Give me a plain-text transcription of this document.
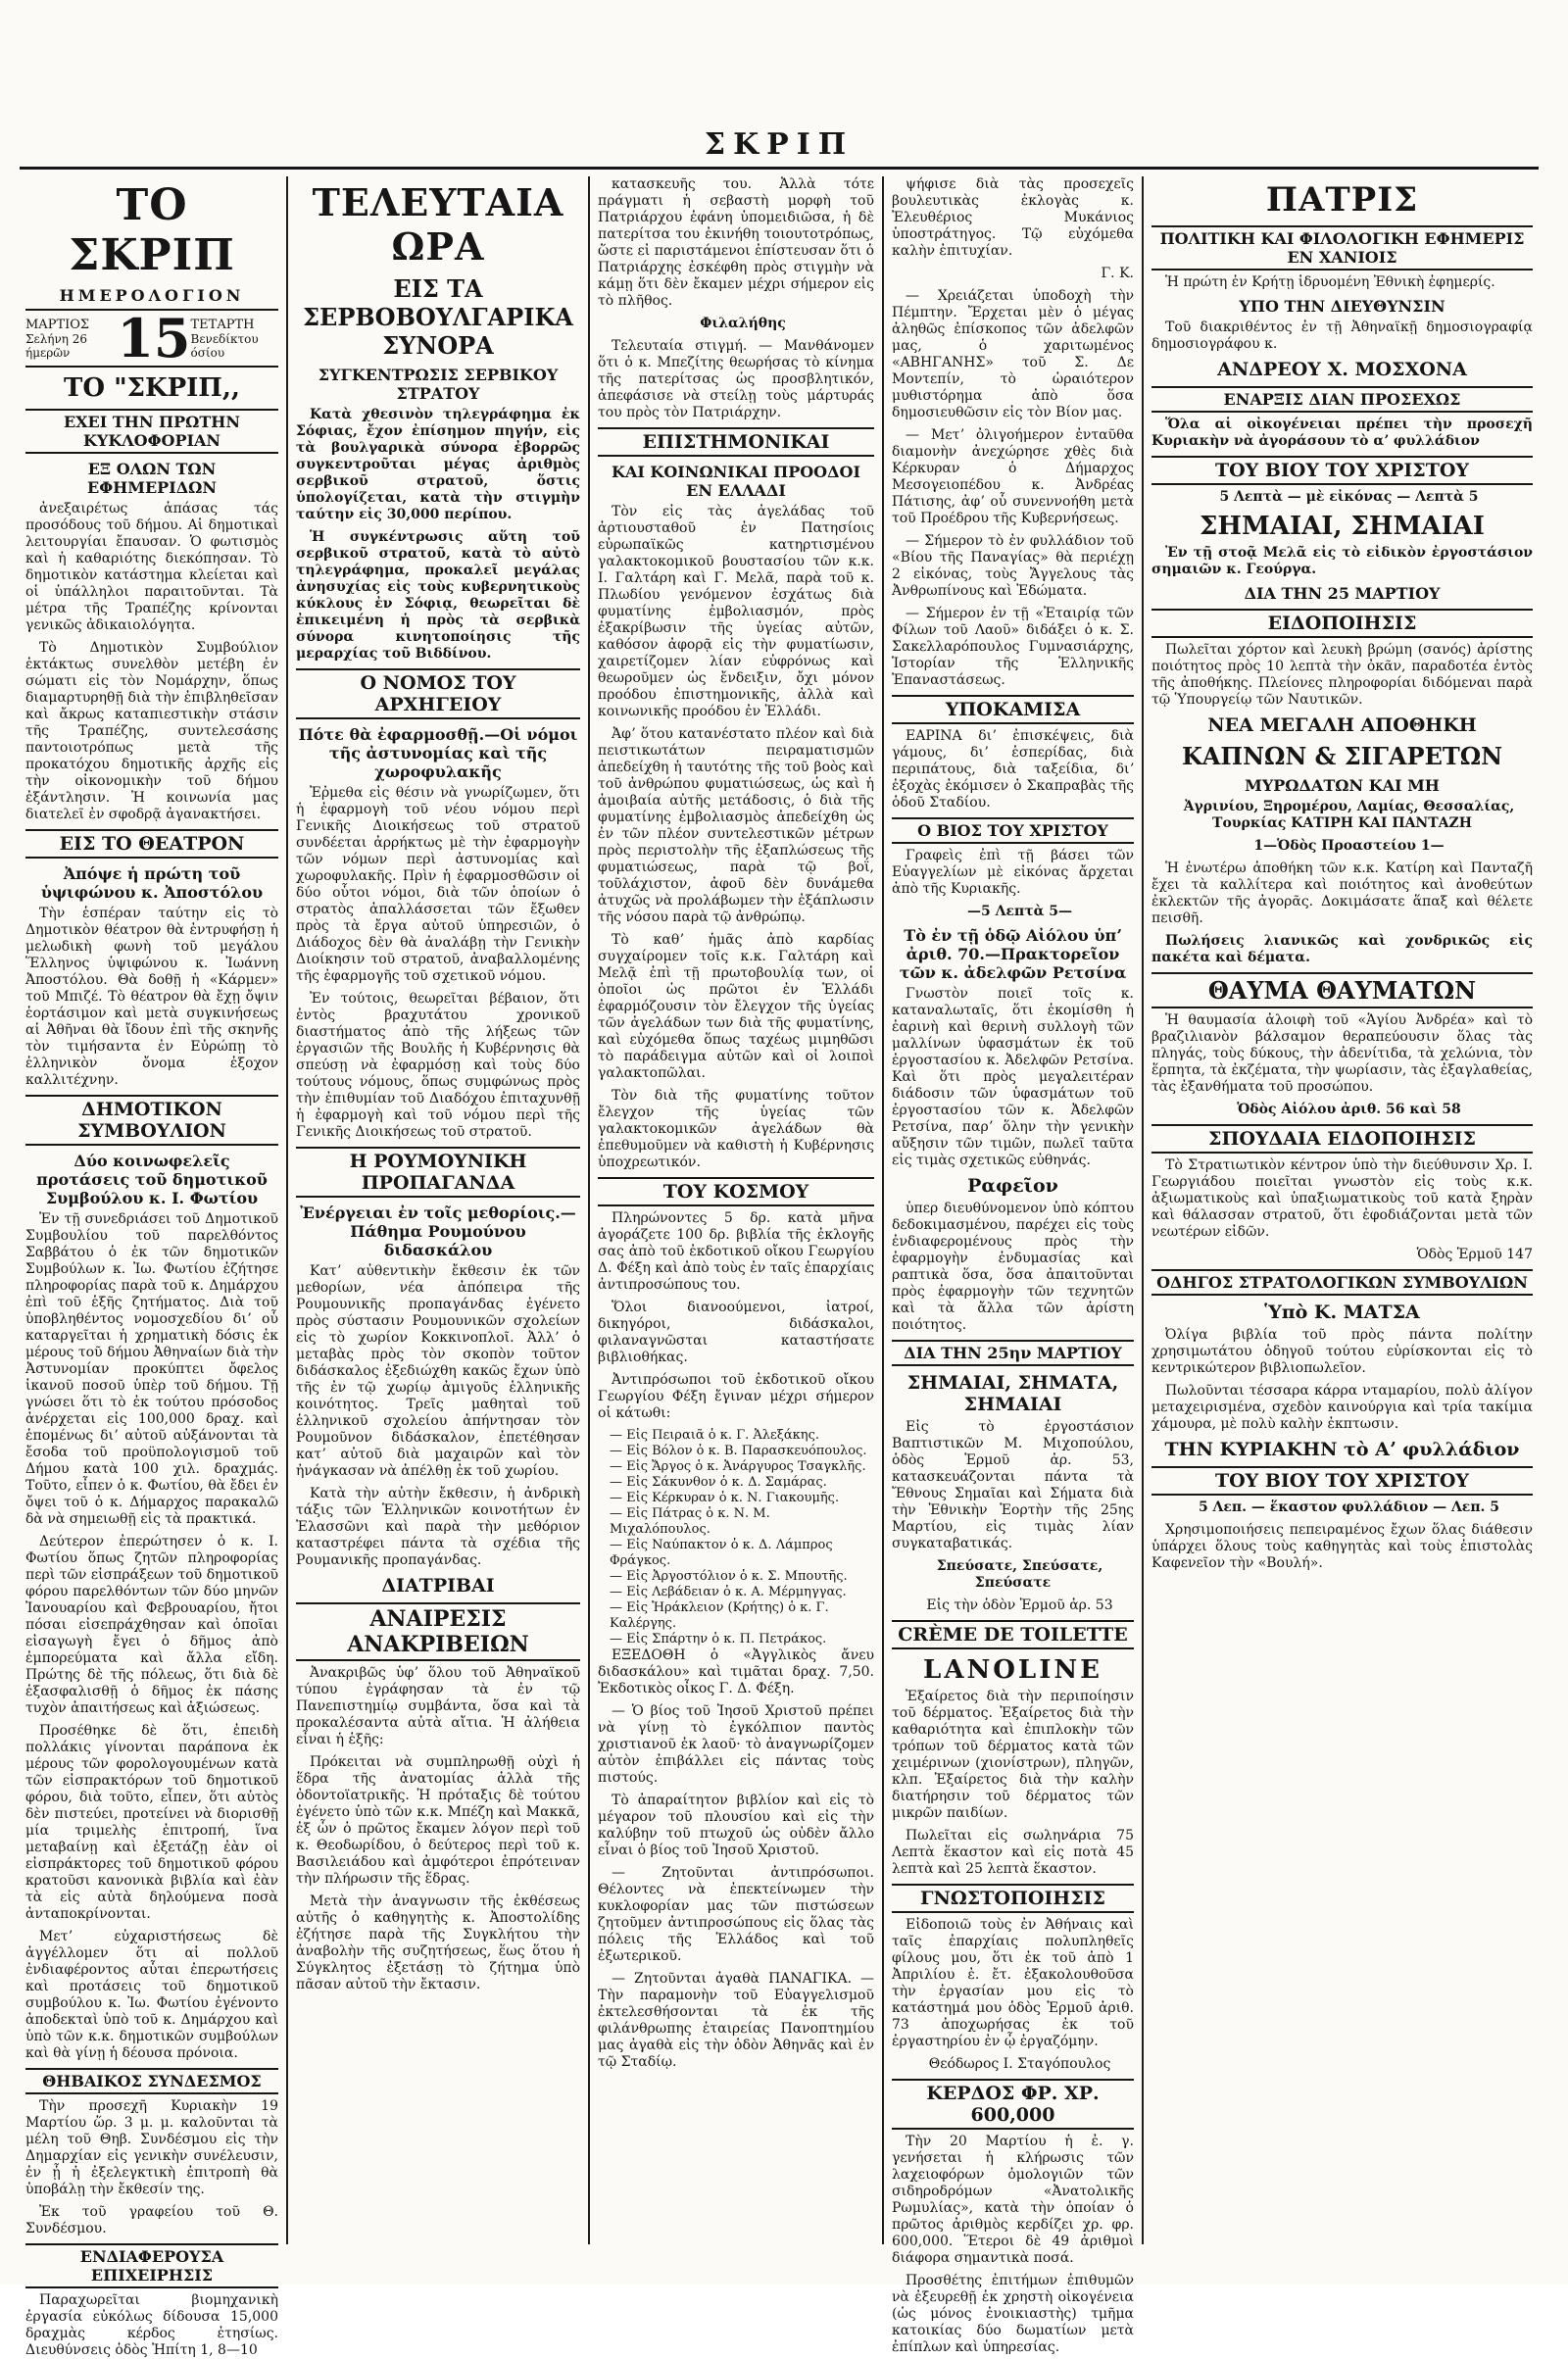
ΣΚΡΙΠ
ΤΟ ΣΚΡΙΠ
ΗΜΕΡΟΛΟΓΙΟΝ
ΜΑΡΤΙΟΣ
Σελήνη 26 ήμερῶν 15 ΤΕΤΑΡΤΗ
Βενεδίκτου όσίου
ΤΟ "ΣΚΡΙΠ,,
ΕΧΕΙ ΤΗΝ ΠΡΩΤΗΝ ΚΥΚΛΟΦΟΡΙΑΝ
ΕΞ ΟΛΩΝ ΤΩΝ ΕΦΗΜΕΡΙΔΩΝ

ἀνεξαιρέτως ἁπάσας τάς προσόδους τοῦ δήμου. Αἱ δημοτικαὶ λειτουργίαι ἔπαυσαν. Ὁ φωτισμὸς καὶ ἡ καθαριότης διεκόπησαν. Τὸ δημοτικὸν κατάστημα κλείεται καὶ οἱ ὑπάλληλοι παραιτοῦνται. Τὰ μέτρα τῆς Τραπέζης κρίνονται γενικῶς ἀδικαιολόγητα.

Τὸ Δημοτικὸν Συμβούλιον ἐκτάκτως συνελθὸν μετέβη ἐν σώματι εἰς τὸν Νομάρχην, ὅπως διαμαρτυρηθῇ διὰ τὴν ἐπιβληθεῖσαν καὶ ἄκρως καταπιεστικὴν στάσιν τῆς Τραπέζης, συντελεσάσης παντοιοτρόπως μετὰ τῆς προκατόχου δημοτικῆς ἀρχῆς εἰς τὴν οἰκονομικὴν τοῦ δήμου ἐξάντλησιν. Ἡ κοινωνία μας διατελεῖ ἐν σφοδρᾷ ἀγανακτήσει.

ΕΙΣ ΤΟ ΘΕΑΤΡΟΝ
Ἀπόψε ἡ πρώτη τοῦ ὑψιφώνου κ. Ἀποστόλου

Τὴν ἑσπέραν ταύτην εἰς τὸ Δημοτικὸν θέατρον θὰ ἐντρυφήσῃ ἡ μελωδικὴ φωνὴ τοῦ μεγάλου Ἕλληνος ὑψιφώνου κ. Ἰωάννη Ἀποστόλου. Θὰ δοθῇ ἡ «Κάρμεν» τοῦ Μπιζέ. Τὸ θέατρον θὰ ἔχῃ ὄψιν ἑορτάσιμον καὶ μετὰ συγκινήσεως αἱ Ἀθῆναι θὰ ἴδουν ἐπὶ τῆς σκηνῆς τὸν τιμήσαντα ἐν Εὐρώπῃ τὸ ἑλληνικὸν ὄνομα ἐξοχον καλλιτέχνην.

ΔΗΜΟΤΙΚΟΝ ΣΥΜΒΟΥΛΙΟΝ
Δύο κοινωφελεῖς προτάσεις τοῦ δημοτικοῦ Συμβούλου κ. Ι. Φωτίου

Ἐν τῇ συνεδριάσει τοῦ Δημοτικοῦ Συμβουλίου τοῦ παρελθόντος Σαββάτου ὁ ἐκ τῶν δημοτικῶν Συμβούλων κ. Ἰω. Φωτίου ἐζήτησε πληροφορίας παρὰ τοῦ κ. Δημάρχου ἐπὶ τοῦ ἑξῆς ζητήματος. Διὰ τοῦ ὑποβληθέντος νομοσχεδίου διʼ οὗ καταργεῖται ἡ χρηματικὴ δόσις ἐκ μέρους τοῦ δήμου Ἀθηναίων διὰ τὴν Ἀστυνομίαν προκύπτει ὄφελος ἱκανοῦ ποσοῦ ὑπὲρ τοῦ δήμου. Τῇ γνώσει ὅτι τὸ ἐκ τούτου πρόσοδος ἀνέρχεται εἰς 100,000 δραχ. καὶ ἑπομένως διʼ αὐτοῦ αὐξάνονται τὰ ἔσοδα τοῦ προϋπολογισμοῦ τοῦ Δήμου κατὰ 100 χιλ. δραχμάς. Τοῦτο, εἶπεν ὁ κ. Φωτίου, θὰ ἔδει ἐν ὄψει τοῦ ὁ κ. Δήμαρχος παρακαλῶ δὰ νὰ σημειωθῇ εἰς τὰ πρακτικά.

Δεύτερον ἐπερώτησεν ὁ κ. Ι. Φωτίου ὅπως ζητῶν πληροφορίας περὶ τῶν εἰσπράξεων τοῦ δημοτικοῦ φόρου παρελθόντων τῶν δύο μηνῶν Ἰανουαρίου καὶ Φεβρουαρίου, ἤτοι πόσαι εἰσεπράχθησαν καὶ ὁποῖαι εἰσαγωγὴ ἔγει ὁ δῆμος ἀπὸ ἐμπορεύματα καὶ ἄλλα εἴδη. Πρώτης δὲ τῆς πόλεως, ὅτι διὰ δὲ ἐξασφαλισθῇ ὁ δῆμος ἐκ πάσης τυχὸν ἀπαιτήσεως καὶ ἀξιώσεως.

Προσέθηκε δὲ ὅτι, ἐπειδὴ πολλάκις γίνονται παράπονα ἐκ μέρους τῶν φορολογουμένων κατὰ τῶν εἰσπρακτόρων τοῦ δημοτικοῦ φόρου, διὰ τοῦτο, εἶπεν, ὅτι αὐτὸς δὲν πιστεύει, προτείνει νὰ διορισθῇ μία τριμελὴς ἐπιτροπή, ἵνα μεταβαίνῃ καὶ ἐξετάζῃ ἐὰν οἱ εἰσπράκτορες τοῦ δημοτικοῦ φόρου κρατοῦσι κανονικὰ βιβλία καὶ ἐὰν τὰ εἰς αὐτὰ δηλούμενα ποσὰ ἀνταποκρίνονται.

Μετʼ εὐχαριστήσεως δὲ ἀγγέλλομεν ὅτι αἱ πολλοῦ ἐνδιαφέροντος αὗται ἐπερωτήσεις καὶ προτάσεις τοῦ δημοτικοῦ συμβούλου κ. Ἰω. Φωτίου ἐγένοντο ἀποδεκταὶ ὑπὸ τοῦ κ. Δημάρχου καὶ ὑπὸ τῶν κ.κ. δημοτικῶν συμβούλων καὶ θὰ γίνῃ ἡ δέουσα πρόνοια.

ΘΗΒΑΙΚΟΣ ΣΥΝΔΕΣΜΟΣ

Τὴν προσεχῆ Κυριακὴν 19 Μαρτίου ὥρ. 3 μ. μ. καλοῦνται τὰ μέλη τοῦ Θηβ. Συνδέσμου εἰς τὴν Δημαρχίαν εἰς γενικὴν συνέλευσιν, ἐν ᾗ ἡ ἐξελεγκτικὴ ἐπιτροπὴ θὰ ὑποβάλῃ τὴν ἔκθεσίν της.

Ἐκ τοῦ γραφείου τοῦ Θ. Συνδέσμου.

ΕΝΔΙΑΦΕΡΟΥΣΑ ΕΠΙΧΕΙΡΗΣΙΣ

Παραχωρεῖται βιομηχανικὴ ἐργασία εὐκόλως δίδουσα 15,000 δραχμὰς κέρδος ἐτησίως. Διευθύνσεις ὁδὸς Ἠπίτη 1, 8—10

ΤΕΛΕΥΤΑΙΑ ΩΡΑ
ΕΙΣ ΤΑ ΣΕΡΒΟΒΟΥΛΓΑΡΙΚΑ ΣΥΝΟΡΑ
ΣΥΓΚΕΝΤΡΩΣΙΣ ΣΕΡΒΙΚΟΥ ΣΤΡΑΤΟΥ

Κατὰ χθεσινὸν τηλεγράφημα ἐκ Σόφιας, ἔχον ἐπίσημον πηγήν, εἰς τὰ βουλγαρικὰ σύνορα ἐβορρῶς συγκεντροῦται μέγας ἀριθμὸς σερβικοῦ στρατοῦ, ὅστις ὑπολογίζεται, κατὰ τὴν στιγμὴν ταύτην εἰς 30,000 περίπου.

Ἡ συγκέντρωσις αὕτη τοῦ σερβικοῦ στρατοῦ, κατὰ τὸ αὐτὸ τηλεγράφημα, προκαλεῖ μεγάλας ἀνησυχίας εἰς τοὺς κυβερνητικοὺς κύκλους ἐν Σόφιᾳ, θεωρεῖται δὲ ἐπικειμένη ἡ πρὸς τὰ σερβικὰ σύνορα κινητοποίησις τῆς μεραρχίας τοῦ Βιδδίνου.

Ο ΝΟΜΟΣ ΤΟΥ ΑΡΧΗΓΕΙΟΥ
Πότε θὰ ἐφαρμοσθῇ.—Οἱ νόμοι τῆς ἀστυνομίας καὶ τῆς χωροφυλακῆς

Ἐῤμεθα εἰς θέσιν νὰ γνωρίζωμεν, ὅτι ἡ ἐφαρμογὴ τοῦ νέου νόμου περὶ Γενικῆς Διοικήσεως τοῦ στρατοῦ συνδέεται ἀρρήκτως μὲ τὴν ἐφαρμογὴν τῶν νόμων περὶ ἀστυνομίας καὶ χωροφυλακῆς. Πρὶν ἡ ἐφαρμοσθῶσιν οἱ δύο οὗτοι νόμοι, διὰ τῶν ὁποίων ὁ στρατὸς ἀπαλλάσσεται τῶν ἔξωθεν πρὸς τὰ ἔργα αὐτοῦ ὑπηρεσιῶν, ὁ Διάδοχος δὲν θὰ ἀναλάβῃ τὴν Γενικὴν Διοίκησιν τοῦ στρατοῦ, ἀναβαλλομένης τῆς ἐφαρμογῆς τοῦ σχετικοῦ νόμου.

Ἐν τούτοις, θεωρεῖται βέβαιον, ὅτι ἐντὸς βραχυτάτου χρονικοῦ διαστήματος ἀπὸ τῆς λήξεως τῶν ἐργασιῶν τῆς Βουλῆς ἡ Κυβέρνησις θὰ σπεύσῃ νὰ ἐφαρμόσῃ καὶ τοὺς δύο τούτους νόμους, ὅπως συμφώνως πρὸς τὴν ἐπιθυμίαν τοῦ Διαδόχου ἐπιταχυνθῇ ἡ ἐφαρμογὴ καὶ τοῦ νόμου περὶ τῆς Γενικῆς Διοικήσεως τοῦ στρατοῦ.

Η ΡΟΥΜΟΥΝΙΚΗ ΠΡΟΠΑΓΑΝΔΑ
Ἐνέργειαι ἐν τοῖς μεθορίοις.—Πάθημα Ρουμούνου διδασκάλου

Κατʼ αὐθεντικὴν ἔκθεσιν ἐκ τῶν μεθορίων, νέα ἀπόπειρα τῆς Ρουμουνικῆς προπαγάνδας ἐγένετο πρὸς σύστασιν Ρουμουνικῶν σχολείων εἰς τὸ χωρίον Κοκκινοπλοῖ. Ἀλλʼ ὁ μεταβὰς πρὸς τὸν σκοπὸν τοῦτον διδάσκαλος ἐξεδιώχθη κακῶς ἔχων ὑπὸ τῆς ἐν τῷ χωρίῳ ἀμιγοῦς ἑλληνικῆς κοινότητος. Τρεῖς μαθηταὶ τοῦ ἑλληνικοῦ σχολείου ἀπήντησαν τὸν Ρουμοῦνον διδάσκαλον, ἐπετέθησαν κατʼ αὐτοῦ διὰ μαχαιρῶν καὶ τὸν ἠνάγκασαν νὰ ἀπέλθῃ ἐκ τοῦ χωρίου.

Κατὰ τὴν αὐτὴν ἔκθεσιν, ἡ ἀνδρικὴ τάξις τῶν Ἑλληνικῶν κοινοτήτων ἐν Ἐλασσῶνι καὶ παρὰ τὴν μεθόριον καταστρέφει πάντα τὰ σχέδια τῆς Ρουμανικῆς προπαγάνδας.

ΔΙΑΤΡΙΒΑΙ
ΑΝΑΙΡΕΣΙΣ ΑΝΑΚΡΙΒΕΙΩΝ

Ἀνακριβῶς ὑφʼ ὅλου τοῦ Ἀθηναϊκοῦ τύπου ἐγράφησαν τὰ ἐν τῷ Πανεπιστημίῳ συμβάντα, ὅσα καὶ τὰ προκαλέσαντα αὐτὰ αἴτια. Ἡ ἀλήθεια εἶναι ἡ ἑξῆς:

Πρόκειται νὰ συμπληρωθῇ οὐχὶ ἡ ἕδρα τῆς ἀνατομίας ἀλλὰ τῆς ὀδοντοϊατρικῆς. Ἡ πρόταξις δὲ τούτου ἐγένετο ὑπὸ τῶν κ.κ. Μπέζη καὶ Μακκᾶ, ἐξ ὧν ὁ πρῶτος ἔκαμεν λόγον περὶ τοῦ κ. Θεοδωρίδου, ὁ δεύτερος περὶ τοῦ κ. Βασιλειάδου καὶ ἀμφότεροι ἐπρότειναν τὴν πλήρωσιν τῆς ἕδρας.

Μετὰ τὴν ἀναγνωσιν τῆς ἐκθέσεως αὐτῆς ὁ καθηγητὴς κ. Ἀποστολίδης ἐζήτησε παρὰ τῆς Συγκλήτου τὴν ἀναβολὴν τῆς συζητήσεως, ἕως ὅτου ἡ Σύγκλητος ἐξετάσῃ τὸ ζήτημα ὑπὸ πᾶσαν αὐτοῦ τὴν ἔκτασιν.

κατασκευῆς του. Ἀλλὰ τότε πράγματι ἡ σεβαστὴ μορφὴ τοῦ Πατριάρχου ἐφάνη ὑπομειδιῶσα, ἡ δὲ πατερίτσα του ἐκινήθη τοιουτοτρόπως, ὥστε εἰ παριστάμενοι ἐπίστευσαν ὅτι ὁ Πατριάρχης ἐσκέφθη πρὸς στιγμὴν νὰ κάμῃ ὅτι δὲν ἔκαμεν μέχρι σήμερον εἰς τὸ πλῆθος.

Φιλαλήθης

Τελευταία στιγμή. — Μανθάνομεν ὅτι ὁ κ. Μπεζίτης θεωρήσας τὸ κίνημα τῆς πατερίτσας ὡς προσβλητικόν, ἀπεφάσισε νὰ στείλῃ τοὺς μάρτυράς του πρὸς τὸν Πατριάρχην.

ΕΠΙΣΤΗΜΟΝΙΚΑΙ
ΚΑΙ ΚΟΙΝΩΝΙΚΑΙ ΠΡΟΟΔΟΙ ΕΝ ΕΛΛΑΔΙ

Τὸν εἰς τὰς ἀγελάδας τοῦ ἀρτιουσταθοῦ ἐν Πατησίοις εὐρωπαϊκῶς κατηρτισμένου γαλακτοκομικοῦ βουστασίου τῶν κ.κ. Ι. Γαλτάρη καὶ Γ. Μελᾶ, παρὰ τοῦ κ. Πλωδίου γενόμενον ἐσχάτως διὰ φυματίνης ἐμβολιασμόν, πρὸς ἐξακρίβωσιν τῆς ὑγείας αὐτῶν, καθόσον ἀφορᾷ εἰς τὴν φυματίωσιν, χαιρετίζομεν λίαν εὐφρόνως καὶ θεωροῦμεν ὡς ἔνδειξιν, ὄχι μόνον προόδου ἐπιστημονικῆς, ἀλλὰ καὶ κοινωνικῆς προόδου ἐν Ἑλλάδι.

Ἀφʼ ὅτου κατανέστατο πλέον καὶ διὰ πειστικωτάτων πειραματισμῶν ἀπεδείχθη ἡ ταυτότης τῆς τοῦ βοὸς καὶ τοῦ ἀνθρώπου φυματιώσεως, ὡς καὶ ἡ ἀμοιβαία αὐτῆς μετάδοσις, ὁ διὰ τῆς φυματίνης ἐμβολιασμὸς ἀπεδείχθη ὡς ἐν τῶν πλέον συντελεστικῶν μέτρων πρὸς περιστολὴν τῆς ἐξαπλώσεως τῆς φυματιώσεως, παρὰ τῷ βοΐ, τοῦλάχιστον, ἀφοῦ δὲν δυνάμεθα ἀτυχῶς νὰ προλάβωμεν τὴν ἐξάπλωσιν τῆς νόσου παρὰ τῷ ἀνθρώπῳ.

Τὸ καθʼ ἡμᾶς ἀπὸ καρδίας συγχαίρομεν τοῖς κ.κ. Γαλτάρη καὶ Μελᾷ ἐπὶ τῇ πρωτοβουλίᾳ των, οἱ ὁποῖοι ὡς πρῶτοι ἐν Ἑλλάδι ἐφαρμόζουσιν τὸν ἔλεγχον τῆς ὑγείας τῶν ἀγελάδων των διὰ τῆς φυματίνης, καὶ εὐχόμεθα ὅπως ταχέως μιμηθῶσι τὸ παράδειγμα αὐτῶν καὶ οἱ λοιποὶ γαλακτοπῶλαι.

Τὸν διὰ τῆς φυματίνης τοῦτον ἔλεγχον τῆς ὑγείας τῶν γαλακτοκομικῶν ἀγελάδων θὰ ἐπεθυμοῦμεν νὰ καθιστὴ ἡ Κυβέρνησις ὑποχρεωτικόν.

ΤΟΥ ΚΟΣΜΟΥ

Πληρώνοντες 5 δρ. κατὰ μῆνα ἀγοράζετε 100 δρ. βιβλία τῆς ἐκλογῆς σας ἀπὸ τοῦ ἐκδοτικοῦ οἴκου Γεωργίου Δ. Φέξη καὶ ἀπὸ τοὺς ἐν ταῖς ἐπαρχίαις ἀντιπροσώπους του.

Ὅλοι διανοούμενοι, ἰατροί, δικηγόροι, διδάσκαλοι, φιλαναγνῶσται καταστήσατε βιβλιοθήκας.

Ἀντιπρόσωποι τοῦ ἐκδοτικοῦ οἴκου Γεωργίου Φέξη ἔγιναν μέχρι σήμερον οἱ κάτωθι:

— Εἰς Πειραιᾶ ὁ κ. Γ. Ἀλεξάκης.
— Εἰς Βόλον ὁ κ. Β. Παρασκευόπουλος.
— Εἰς Ἄργος ὁ κ. Ἀνάργυρος Τσαγκλῆς.
— Εἰς Σάκυνθον ὁ κ. Δ. Σαμάρας.
— Εἰς Κέρκυραν ὁ κ. Ν. Γιακουμῆς.
— Εἰς Πάτρας ὁ κ. Ν. Μ. Μιχαλόπουλος.
— Εἰς Ναύπακτον ὁ κ. Δ. Λάμπρος Φράγκος.
— Εἰς Ἀργοστόλιον ὁ κ. Σ. Μπουτῆς.
— Εἰς Λεβάδειαν ὁ κ. Α. Μέρμηγγας.
— Εἰς Ἡράκλειον (Κρήτης) ὁ κ. Γ. Καλέργης.
— Εἰς Σπάρτην ὁ κ. Π. Πετράκος.

ΕΞΕΔΟΘΗ ὁ «Ἀγγλικὸς ἄνευ διδασκάλου» καὶ τιμᾶται δραχ. 7,50. Ἐκδοτικὸς οἶκος Γ. Δ. Φέξη.

— Ὁ βίος τοῦ Ἰησοῦ Χριστοῦ πρέπει νὰ γίνῃ τὸ ἐγκόλπιον παντὸς χριστιανοῦ ἐκ λαοῦ· τὸ ἀναγνωρίζομεν αὐτὸν ἐπιβάλλει εἰς πάντας τοὺς πιστούς.

Τὸ ἀπαραίτητον βιβλίον καὶ εἰς τὸ μέγαρον τοῦ πλουσίου καὶ εἰς τὴν καλύβην τοῦ πτωχοῦ ὡς οὐδὲν ἄλλο εἶναι ὁ βίος τοῦ Ἰησοῦ Χριστοῦ.

— Ζητοῦνται ἀντιπρόσωποι. Θέλοντες νὰ ἐπεκτείνωμεν τὴν κυκλοφορίαν μας τῶν πιστώσεων ζητοῦμεν ἀντιπροσώπους εἰς ὅλας τὰς πόλεις τῆς Ἑλλάδος καὶ τοῦ ἐξωτερικοῦ.

— Ζητοῦνται ἀγαθὰ ΠΑΝΑΓΙΚΑ. — Τὴν παραμονὴν τοῦ Εὐαγγελισμοῦ ἐκτελεσθήσονται τὰ ἐκ τῆς φιλάνθρωπης ἑταιρείας Πανοπτημίου μας ἀγαθὰ εἰς τὴν ὁδὸν Ἀθηνᾶς καὶ ἐν τῷ Σταδίῳ.

ψήφισε διὰ τὰς προσεχεῖς βουλευτικὰς ἐκλογὰς κ. Ἐλευθέριος Μυκάνιος ὑποστράτηγος. Τῷ εὐχόμεθα καλὴν ἐπιτυχίαν.

Γ. Κ.

— Χρειάζεται ὑποδοχὴ τὴν Πέμπτην. Ἔρχεται μὲν ὁ μέγας ἀληθῶς ἐπίσκοπος τῶν ἀδελφῶν μας, ὁ χαριτωμένος «ΑΒΗΓΑΝΗΣ» τοῦ Σ. Δε Μοντεπίν, τὸ ὡραιότερον μυθιστόρημα ἀπὸ ὅσα δημοσιευθῶσιν εἰς τὸν Βίον μας.

— Μετʼ ὀλιγοήμερον ἐνταῦθα διαμονὴν ἀνεχώρησε χθὲς διὰ Κέρκυραν ὁ Δήμαρχος Μεσογειοπέδου κ. Ἀνδρέας Πάτισης, ἀφʼ οὗ συνεννοήθη μετὰ τοῦ Προέδρου τῆς Κυβερνήσεως.

— Σήμερον τὸ ἐν φυλλάδιον τοῦ «Βίου τῆς Παναγίας» θὰ περιέχῃ 2 εἰκόνας, τοὺς Ἄγγελους τὰς Ἀνθρωπίνους καὶ Ἐδώματα.

— Σήμερον ἐν τῇ «Ἐταιρίᾳ τῶν Φίλων τοῦ Λαοῦ» διδάξει ὁ κ. Σ. Σακελλαρόπουλος Γυμνασιάρχης, Ἱστορίαν τῆς Ἑλληνικῆς Ἐπαναστάσεως.

ΥΠΟΚΑΜΙΣΑ

ΕΑΡΙΝΑ διʼ ἐπισκέψεις, διὰ γάμους, διʼ ἑσπερίδας, διὰ περιπάτους, διὰ ταξείδια, διʼ ἐξοχὰς ἐκόμισεν ὁ Σκαπραβὰς τῆς ὁδοῦ Σταδίου.

Ο ΒΙΟΣ ΤΟΥ ΧΡΙΣΤΟΥ

Γραφεὶς ἐπὶ τῇ βάσει τῶν Εὐαγγελίων μὲ εἰκόνας ἄρχεται ἀπὸ τῆς Κυριακῆς.

—5 Λεπτὰ 5—

Τὸ ἐν τῇ ὁδῷ Αἰόλου ὑπʼ ἀριθ. 70.—Πρακτορεῖον τῶν κ. ἀδελφῶν Ρετσίνα

Γνωστὸν ποιεῖ τοῖς κ. καταναλωταῖς, ὅτι ἐκομίσθη ἡ ἐαρινὴ καὶ θερινὴ συλλογὴ τῶν μαλλίνων ὑφασμάτων ἐκ τοῦ ἐργοστασίου κ. Ἀδελφῶν Ρετσίνα. Καὶ ὅτι πρὸς μεγαλειτέραν διάδοσιν τῶν ὑφασμάτων τοῦ ἐργοστασίου τῶν κ. Ἀδελφῶν Ρετσίνα, παρʼ ὅλην τὴν γενικὴν αὔξησιν τῶν τιμῶν, πωλεῖ ταῦτα εἰς τιμὰς σχετικῶς εὐθηνάς.

Ραφεῖον

ὑπερ διευθύνομενον ὑπὸ κόπτου δεδοκιμασμένου, παρέχει εἰς τοὺς ἐνδιαφερομένους πρὸς τὴν ἐφαρμογὴν ἐνδυμασίας καὶ ραπτικὰ ὅσα, ὅσα ἀπαιτοῦνται πρὸς ἐφαρμογὴν τῶν τεχνητῶν καὶ τὰ ἄλλα τῶν ἀρίστη ποιότητος.

ΔΙΑ ΤΗΝ 25ην ΜΑΡΤΙΟΥ
ΣΗΜΑΙΑΙ, ΣΗΜΑΤΑ, ΣΗΜΑΙΑΙ

Εἰς τὸ ἐργοστάσιον Βαπτιστικῶν Μ. Μιχοπούλου, ὁδὸς Ἑρμοῦ ἀρ. 53, κατασκευάζονται πάντα τὰ Ἔθνους Σημαῖαι καὶ Σήματα διὰ τὴν Ἐθνικὴν Ἑορτὴν τῆς 25ης Μαρτίου, εἰς τιμὰς λίαν συγκαταβατικάς.

Σπεύσατε, Σπεύσατε, Σπεύσατε

Εἰς τὴν ὁδὸν Ἑρμοῦ ἀρ. 53

CRÈME DE TOILETTE
LANOLINE

Ἐξαίρετος διὰ τὴν περιποίησιν τοῦ δέρματος. Ἐξαίρετος διὰ τὴν καθαριότητα καὶ ἐπιπλοκὴν τῶν τρόπων τοῦ δέρματος κατὰ τῶν χειμέρινων (χιονίστρων), πληγῶν, κλπ. Ἐξαίρετος διὰ τὴν καλὴν διατήρησιν τοῦ δέρματος τῶν μικρῶν παιδίων.

Πωλεῖται εἰς σωληνάρια 75 Λεπτὰ ἕκαστον καὶ εἰς ποτὰ 45 λεπτὰ καὶ 25 λεπτὰ ἕκαστον.

ΓΝΩΣΤΟΠΟΙΗΣΙΣ

Εἰδοποιῶ τοὺς ἐν Ἀθήναις καὶ ταῖς ἐπαρχίαις πολυπληθεῖς φίλους μου, ὅτι ἐκ τοῦ ἀπὸ 1 Ἀπριλίου ἐ. ἔτ. ἐξακολουθοῦσα τὴν ἐργασίαν μου εἰς τὸ κατάστημά μου ὁδὸς Ἑρμοῦ ἀριθ. 73 ἀποχωρήσας ἐκ τοῦ ἐργαστηρίου ἐν ᾧ ἐργαζόμην.

Θεόδωρος Ι. Σταγόπουλος

ΚΕΡΔΟΣ ΦΡ. ΧΡ. 600,000

Τὴν 20 Μαρτίου ἡ ἐ. γ. γενήσεται ἡ κλήρωσις τῶν λαχειοφόρων ὁμολογιῶν τῶν σιδηροδρόμων «Ἀνατολικῆς Ρωμυλίας», κατὰ τὴν ὁποίαν ὁ πρῶτος ἀριθμὸς κερδίζει χρ. φρ. 600,000. Ἕτεροι δὲ 49 ἀριθμοὶ διάφορα σημαντικὰ ποσά.

Προσθέτης ἐπιτήμων ἐπιθυμῶν νὰ ἐξευρεθῇ ἐκ χρηστὴ οἰκογένεια (ὡς μόνος ἐνοικιαστὴς) τμῆμα κατοικίας δύο δωματίων μετὰ ἐπίπλων καὶ ὑπηρεσίας.

ΠΑΤΡΙΣ
ΠΟΛΙΤΙΚΗ ΚΑΙ ΦΙΛΟΛΟΓΙΚΗ ΕΦΗΜΕΡΙΣ ΕΝ ΧΑΝΙΟΙΣ

Ἡ πρώτη ἐν Κρήτῃ ἱδρυομένη Ἐθνικὴ ἐφημερίς.

ΥΠΟ ΤΗΝ ΔΙΕΥΘΥΝΣΙΝ

Τοῦ διακριθέντος ἐν τῇ Ἀθηναϊκῇ δημοσιογραφίᾳ δημοσιογράφου κ.

ΑΝΔΡΕΟΥ Χ. ΜΟΣΧΟΝΑ
ΕΝΑΡΞΙΣ ΔΙΑΝ ΠΡΟΣΕΧΩΣ

Ὅλα αἱ οἰκογένειαι πρέπει τὴν προσεχῆ Κυριακὴν νὰ ἀγοράσουν τὸ αʼ φυλλάδιον

ΤΟΥ ΒΙΟΥ ΤΟΥ ΧΡΙΣΤΟΥ

5 Λεπτὰ — μὲ εἰκόνας — Λεπτὰ 5

ΣΗΜΑΙΑΙ, ΣΗΜΑΙΑΙ

Ἐν τῇ στοᾷ Μελᾶ εἰς τὸ εἰδικὸν ἐργοστάσιον σημαιῶν κ. Γεούργα.

ΔΙΑ ΤΗΝ 25 ΜΑΡΤΙΟΥ
ΕΙΔΟΠΟΙΗΣΙΣ

Πωλεῖται χόρτον καὶ λευκὴ βρώμη (σανός) ἀρίστης ποιότητος πρὸς 10 λεπτὰ τὴν ὀκᾶν, παραδοτέα ἐντὸς τῆς ἀποθήκης. Πλείονες πληροφορίαι διδόμεναι παρὰ τῷ Ὑπουργείῳ τῶν Ναυτικῶν.

ΝΕΑ ΜΕΓΑΛΗ ΑΠΟΘΗΚΗ
ΚΑΠΝΩΝ & ΣΙΓΑΡΕΤΩΝ
ΜΥΡΩΔΑΤΩΝ ΚΑΙ ΜΗ

Ἀγρινίου, Ξηρομέρου, Λαμίας, Θεσσαλίας, Τουρκίας ΚΑΤΙΡΗ ΚΑΙ ΠΑΝΤΑΖΗ

1—Ὁδὸς Προαστείου 1—

Ἡ ἐνωτέρω ἀποθήκη τῶν κ.κ. Κατίρη καὶ Πανταζῆ ἔχει τὰ καλλίτερα καὶ ποιότητος καὶ ἀνοθεύτων ἐκλεκτῶν τῆς ἀγορᾶς. Δοκιμάσατε ἅπαξ καὶ θέλετε πεισθῆ.

Πωλήσεις λιανικῶς καὶ χονδρικῶς εἰς πακέτα καὶ δέματα.

ΘΑΥΜΑ ΘΑΥΜΑΤΩΝ

Ἡ θαυμασία ἀλοιφὴ τοῦ «Ἁγίου Ἀνδρέα» καὶ τὸ βραζιλιανὸν βάλσαμον θεραπεύουσιν ὅλας τὰς πληγάς, τοὺς δύκους, τὴν ἀδενίτιδα, τὰ χελώνια, τὸν ἕρπητα, τὰ ἐκζέματα, τὴν ψωρίασιν, τὰς ἐξαγλαθείας, τὰς ἐξανθήματα τοῦ προσώπου.

Ὁδὸς Αἰόλου ἀριθ. 56 καὶ 58

ΣΠΟΥΔΑΙΑ ΕΙΔΟΠΟΙΗΣΙΣ

Τὸ Στρατιωτικὸν κέντρον ὑπὸ τὴν διεύθυνσιν Χρ. Ι. Γεωργιάδου ποιεῖται γνωστὸν εἰς τοὺς κ.κ. ἀξιωματικοὺς καὶ ὑπαξιωματικοὺς τοῦ κατὰ ξηρὰν καὶ θάλασσαν στρατοῦ, ὅτι ἐφοδιάζονται μετὰ τῶν νεωτέρων εἰδῶν.

Ὁδὸς Ἑρμοῦ 147

ΟΔΗΓΟΣ ΣΤΡΑΤΟΛΟΓΙΚΩΝ ΣΥΜΒΟΥΛΙΩΝ
Ὑπὸ Κ. ΜΑΤΣΑ

Ὀλίγα βιβλία τοῦ πρὸς πάντα πολίτην χρησιμωτάτου ὁδηγοῦ τούτου εὑρίσκονται εἰς τὸ κεντρικώτερον βιβλιοπωλεῖον.

Πωλοῦνται τέσσαρα κάρρα νταμαρίου, πολὺ ἀλίγον μεταχειρισμένα, σχεδὸν καινούργια καὶ τρία τακίμια χάμουρα, μὲ πολὺ καλὴν ἐκπτωσιν.

ΤΗΝ ΚΥΡΙΑΚΗΝ τὸ Αʼ φυλλάδιον
ΤΟΥ ΒΙΟΥ ΤΟΥ ΧΡΙΣΤΟΥ

5 Λεπ. — ἕκαστον φυλλάδιον — Λεπ. 5

Χρησιμοποιήσεις πεπειραμένος ἔχων ὅλας διάθεσιν ὑπάρχει ὅλους τοὺς καθηγητὰς καὶ τοὺς ἐπιστολὰς Καφενεῖον τὴν «Βουλή».
